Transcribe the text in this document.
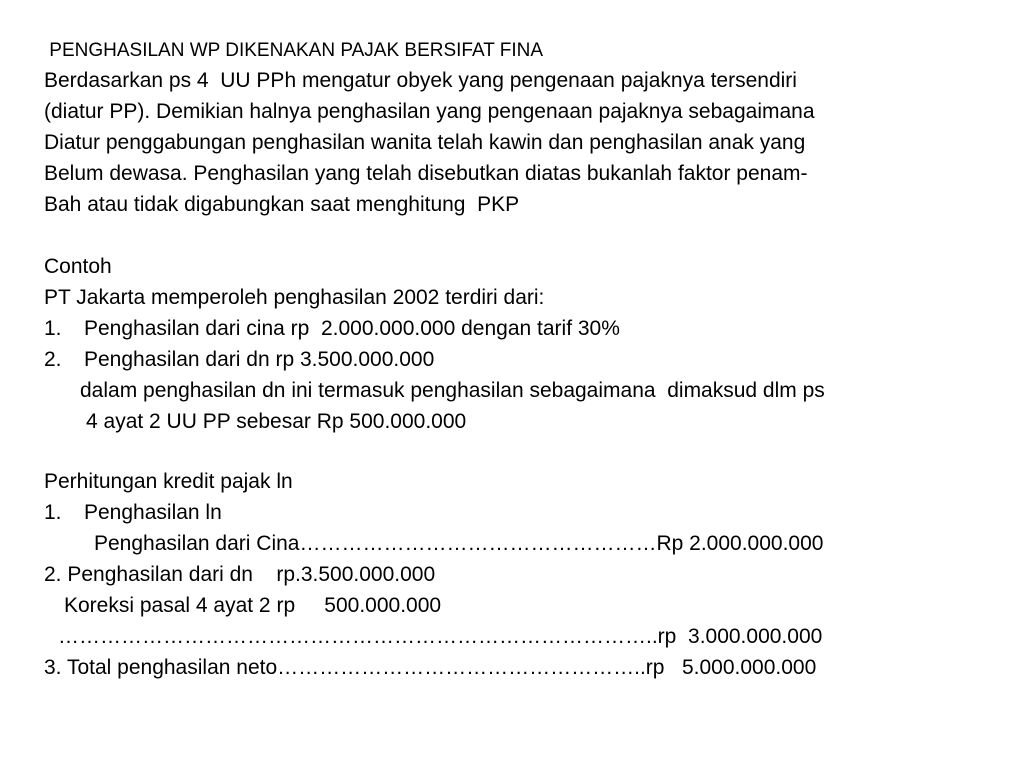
PENGHASILAN WP DIKENAKAN PAJAK BERSIFAT FINA
Berdasarkan ps 4  UU PPh mengatur obyek yang pengenaan pajaknya tersendiri
(diatur PP). Demikian halnya penghasilan yang pengenaan pajaknya sebagaimana
Diatur penggabungan penghasilan wanita telah kawin dan penghasilan anak yang
Belum dewasa. Penghasilan yang telah disebutkan diatas bukanlah faktor penam-
Bah atau tidak digabungkan saat menghitung  PKP
Contoh
PT Jakarta memperoleh penghasilan 2002 terdiri dari:
1. Penghasilan dari cina rp  2.000.000.000 dengan tarif 30%
2. Penghasilan dari dn rp 3.500.000.000
dalam penghasilan dn ini termasuk penghasilan sebagaimana  dimaksud dlm ps
4 ayat 2 UU PP sebesar Rp 500.000.000
Perhitungan kredit pajak ln
1. Penghasilan ln
Penghasilan dari Cina……………………………………………Rp 2.000.000.000
2. Penghasilan dari dn    rp.3.500.000.000
Koreksi pasal 4 ayat 2 rp     500.000.000
…………………………………………………………………………..rp  3.000.000.000
3. Total penghasilan neto……………………………………………..rp   5.000.000.000
